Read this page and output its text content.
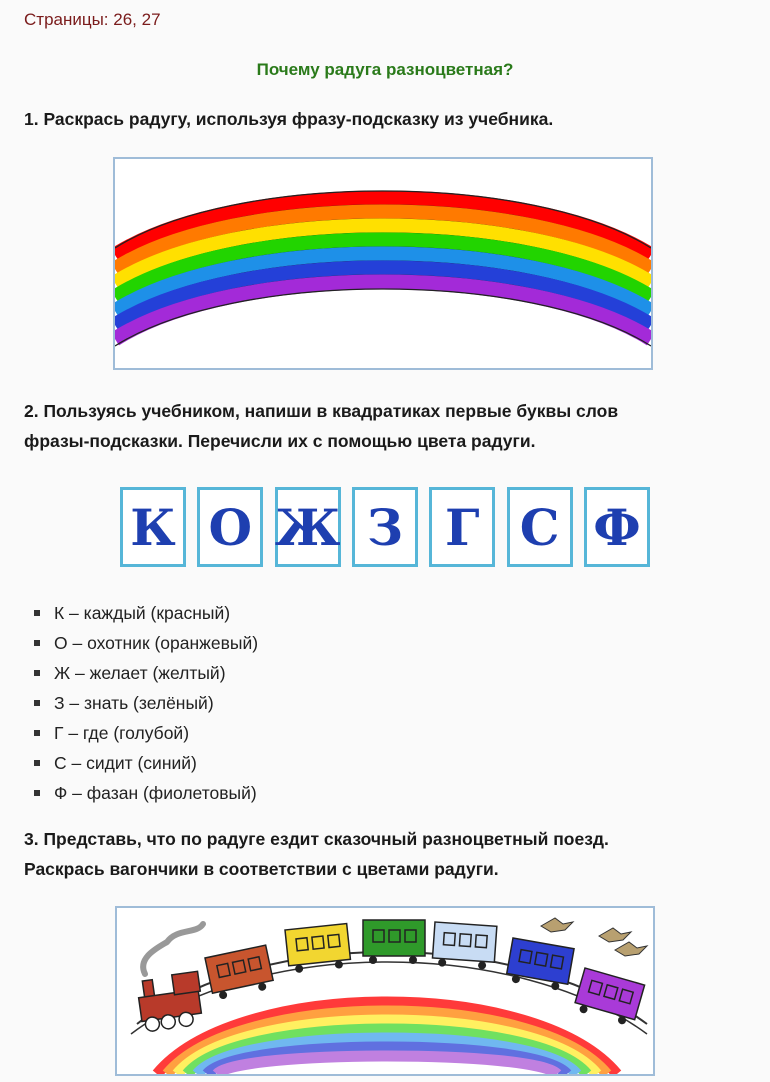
Страницы: 26, 27
Почему радуга разноцветная?
1. Раскрась радугу, используя фразу-подсказку из учебника.
2. Пользуясь учебником, напиши в квадратиках первые буквы слов
фразы-подсказки. Перечисли их с помощью цвета радуги.
К О Ж З Г С Ф
К – каждый (красный)
О – охотник (оранжевый)
Ж – желает (желтый)
З – знать (зелёный)
Г – где (голубой)
С – сидит (синий)
Ф – фазан (фиолетовый)
3. Представь, что по радуге ездит сказочный разноцветный поезд.
Раскрась вагончики в соответствии с цветами радуги.
